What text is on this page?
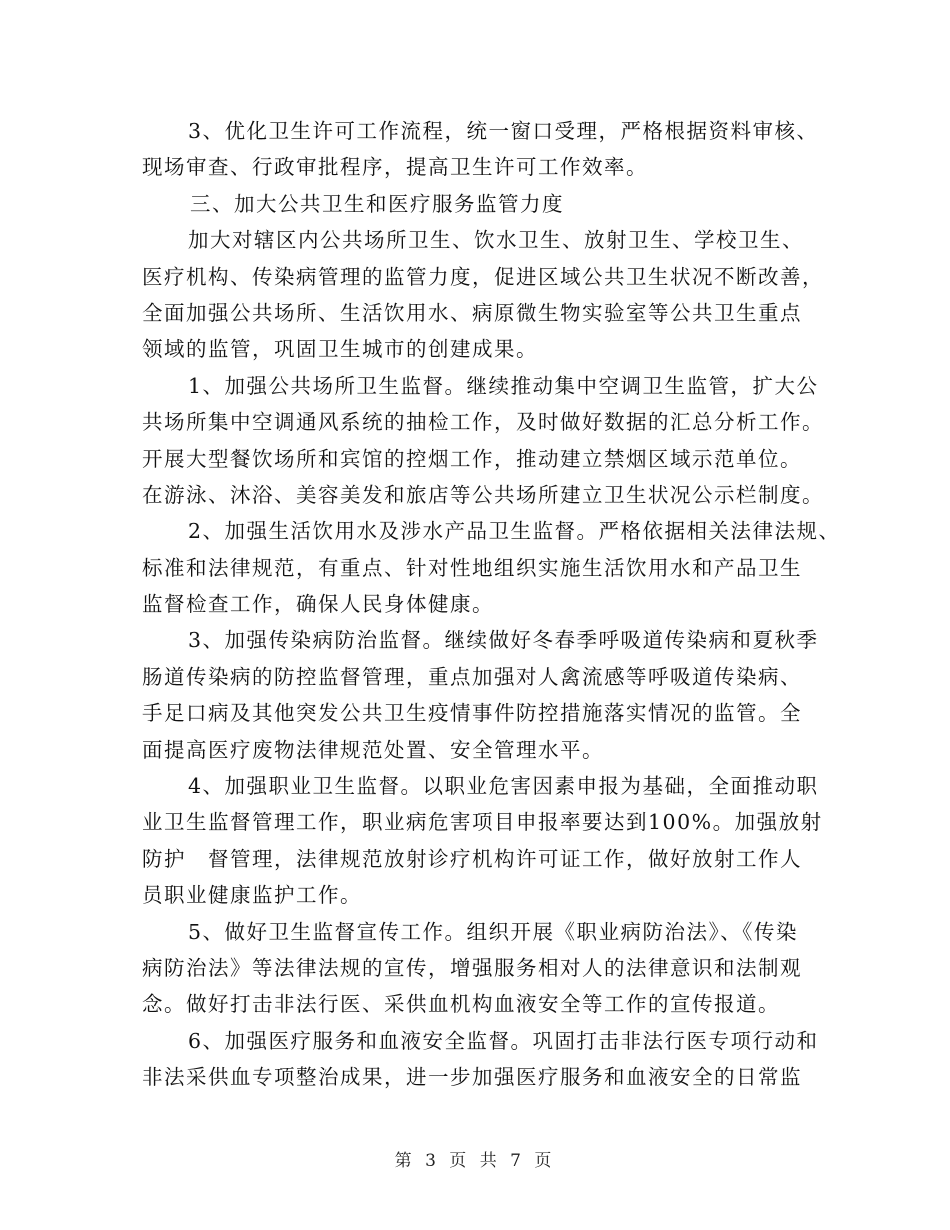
3、优化卫生许可工作流程，统一窗口受理，严格根据资料审核、
现场审查、行政审批程序，提高卫生许可工作效率。
三、加大公共卫生和医疗服务监管力度
加大对辖区内公共场所卫生、饮水卫生、放射卫生、学校卫生、
医疗机构、传染病管理的监管力度，促进区域公共卫生状况不断改善，
全面加强公共场所、生活饮用水、病原微生物实验室等公共卫生重点
领域的监管，巩固卫生城市的创建成果。
1、加强公共场所卫生监督。继续推动集中空调卫生监管，扩大公
共场所集中空调通风系统的抽检工作，及时做好数据的汇总分析工作。
开展大型餐饮场所和宾馆的控烟工作，推动建立禁烟区域示范单位。
在游泳、沐浴、美容美发和旅店等公共场所建立卫生状况公示栏制度。
2、加强生活饮用水及涉水产品卫生监督。严格依据相关法律法规、
标准和法律规范，有重点、针对性地组织实施生活饮用水和产品卫生
监督检查工作，确保人民身体健康。
3、加强传染病防治监督。继续做好冬春季呼吸道传染病和夏秋季
肠道传染病的防控监督管理，重点加强对人禽流感等呼吸道传染病、
手足口病及其他突发公共卫生疫情事件防控措施落实情况的监管。全
面提高医疗废物法律规范处置、安全管理水平。
4、加强职业卫生监督。以职业危害因素申报为基础，全面推动职
业卫生监督管理工作，职业病危害项目申报率要达到100%。加强放射
防护　督管理，法律规范放射诊疗机构许可证工作，做好放射工作人
员职业健康监护工作。
5、做好卫生监督宣传工作。组织开展《职业病防治法》、《传染
病防治法》等法律法规的宣传，增强服务相对人的法律意识和法制观
念。做好打击非法行医、采供血机构血液安全等工作的宣传报道。
6、加强医疗服务和血液安全监督。巩固打击非法行医专项行动和
非法采供血专项整治成果，进一步加强医疗服务和血液安全的日常监
第 3 页 共 7 页
